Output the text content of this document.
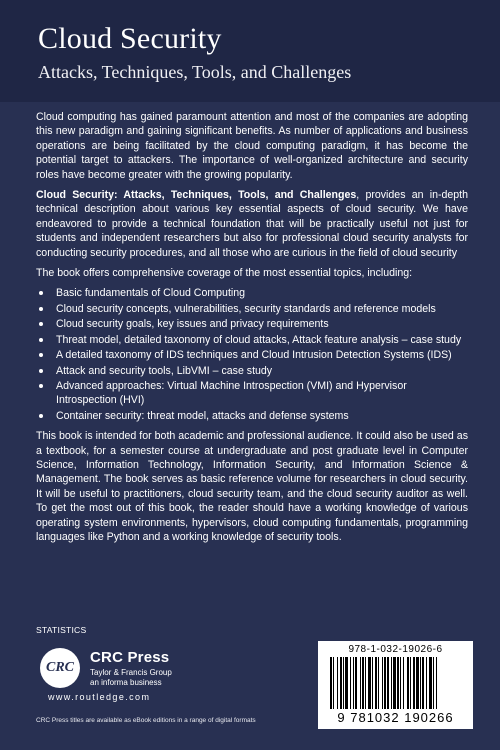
Cloud Security
Attacks, Techniques, Tools, and Challenges

Cloud computing has gained paramount attention and most of the companies are adopting this new paradigm and gaining significant benefits. As number of applications and business operations are being facilitated by the cloud computing paradigm, it has become the potential target to attackers. The importance of well-organized architecture and security roles have become greater with the growing popularity.

Cloud Security: Attacks, Techniques, Tools, and Challenges, provides an in-depth technical description about various key essential aspects of cloud security. We have endeavored to provide a technical foundation that will be practically useful not just for students and independent researchers but also for professional cloud security analysts for conducting security procedures, and all those who are curious in the field of cloud security

The book offers comprehensive coverage of the most essential topics, including:

Basic fundamentals of Cloud Computing
Cloud security concepts, vulnerabilities, security standards and reference models
Cloud security goals, key issues and privacy requirements
Threat model, detailed taxonomy of cloud attacks, Attack feature analysis – case study
A detailed taxonomy of IDS techniques and Cloud Intrusion Detection Systems (IDS)
Attack and security tools, LibVMI – case study
Advanced approaches: Virtual Machine Introspection (VMI) and Hypervisor Introspection (HVI)
Container security: threat model, attacks and defense systems

This book is intended for both academic and professional audience. It could also be used as a textbook, for a semester course at undergraduate and post graduate level in Computer Science, Information Technology, Information Security, and Information Science & Management. The book serves as basic reference volume for researchers in cloud security. It will be useful to practitioners, cloud security team, and the cloud security auditor as well. To get the most out of this book, the reader should have a working knowledge of various operating system environments, hypervisors, cloud computing fundamentals, programming languages like Python and a working knowledge of security tools.

STATISTICS
CRC
CRC Press
Taylor & Francis Group
an informa business
www.routledge.com
CRC Press titles are available as eBook editions in a range of digital formats
978-1-032-19026-6
9 781032 190266
